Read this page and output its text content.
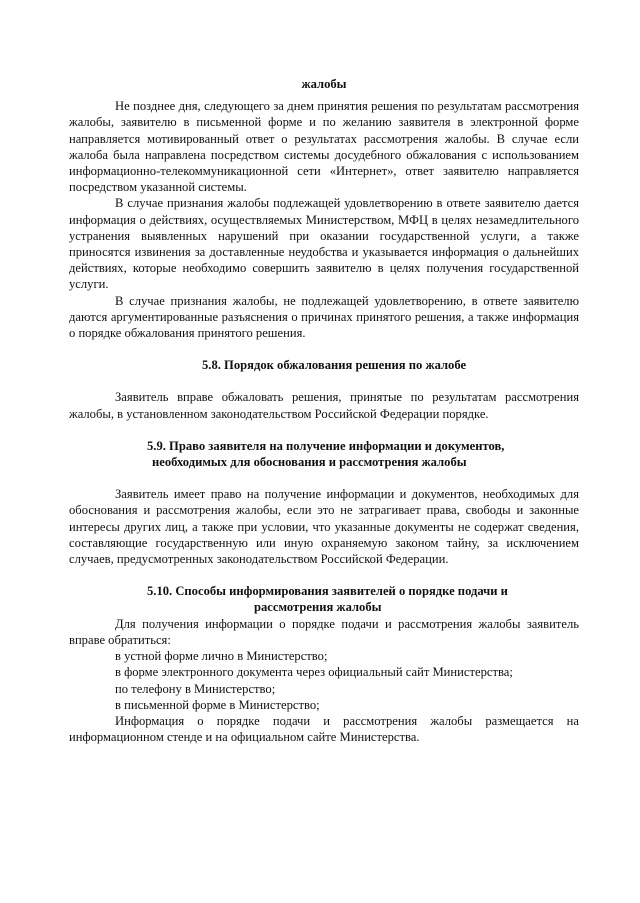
жалобы

Не позднее дня, следующего за днем принятия решения по результатам рассмотрения жалобы, заявителю в письменной форме и по желанию заявителя в электронной форме направляется мотивированный ответ о результатах рассмотрения жалобы. В случае если жалоба была направлена посредством системы досудебного обжалования с использованием информационно-телекоммуникационной сети «Интернет», ответ заявителю направляется посредством указанной системы.

В случае признания жалобы подлежащей удовлетворению в ответе заявителю дается информация о действиях, осуществляемых Министерством, МФЦ в целях незамедлительного устранения выявленных нарушений при оказании государственной услуги, а также приносятся извинения за доставленные неудобства и указывается информация о дальнейших действиях, которые необходимо совершить заявителю в целях получения государственной услуги.

В случае признания жалобы, не подлежащей удовлетворению, в ответе заявителю даются аргументированные разъяснения о причинах принятого решения, а также информация о порядке обжалования принятого решения.

5.8. Порядок обжалования решения по жалобе

Заявитель вправе обжаловать решения, принятые по результатам рассмотрения жалобы, в установленном законодательством Российской Федерации порядке.

5.9. Право заявителя на получение информации и документов,
необходимых для обоснования и рассмотрения жалобы

Заявитель имеет право на получение информации и документов, необходимых для обоснования и рассмотрения жалобы, если это не затрагивает права, свободы и законные интересы других лиц, а также при условии, что указанные документы не содержат сведения, составляющие государственную или иную охраняемую законом тайну, за исключением случаев, предусмотренных законодательством Российской Федерации.

5.10. Способы информирования заявителей о порядке подачи и
рассмотрения жалобы

Для получения информации о порядке подачи и рассмотрения жалобы заявитель вправе обратиться:

в устной форме лично в Министерство;

в форме электронного документа через официальный сайт Министерства;

по телефону в Министерство;

в письменной форме в Министерство;

Информация о порядке подачи и рассмотрения жалобы размещается на информационном стенде и на официальном сайте Министерства.
